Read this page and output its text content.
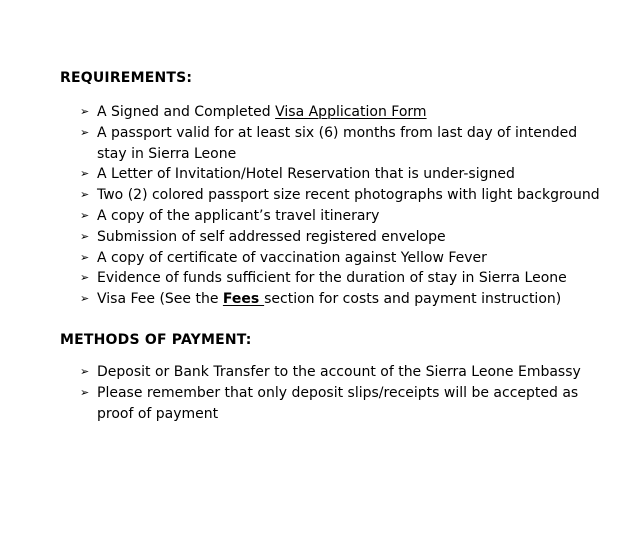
REQUIREMENTS:
➢ A Signed and Completed Visa Application Form
➢ A passport valid for at least six (6) months from last day of intended stay in Sierra Leone
➢ A Letter of Invitation/Hotel Reservation that is under-signed
➢ Two (2) colored passport size recent photographs with light background
➢ A copy of the applicant’s travel itinerary
➢ Submission of self addressed registered envelope
➢ A copy of certificate of vaccination against Yellow Fever
➢ Evidence of funds sufficient for the duration of stay in Sierra Leone
➢ Visa Fee (See the Fees section for costs and payment instruction)
METHODS OF PAYMENT:
➢ Deposit or Bank Transfer to the account of the Sierra Leone Embassy
➢ Please remember that only deposit slips/receipts will be accepted as proof of payment
